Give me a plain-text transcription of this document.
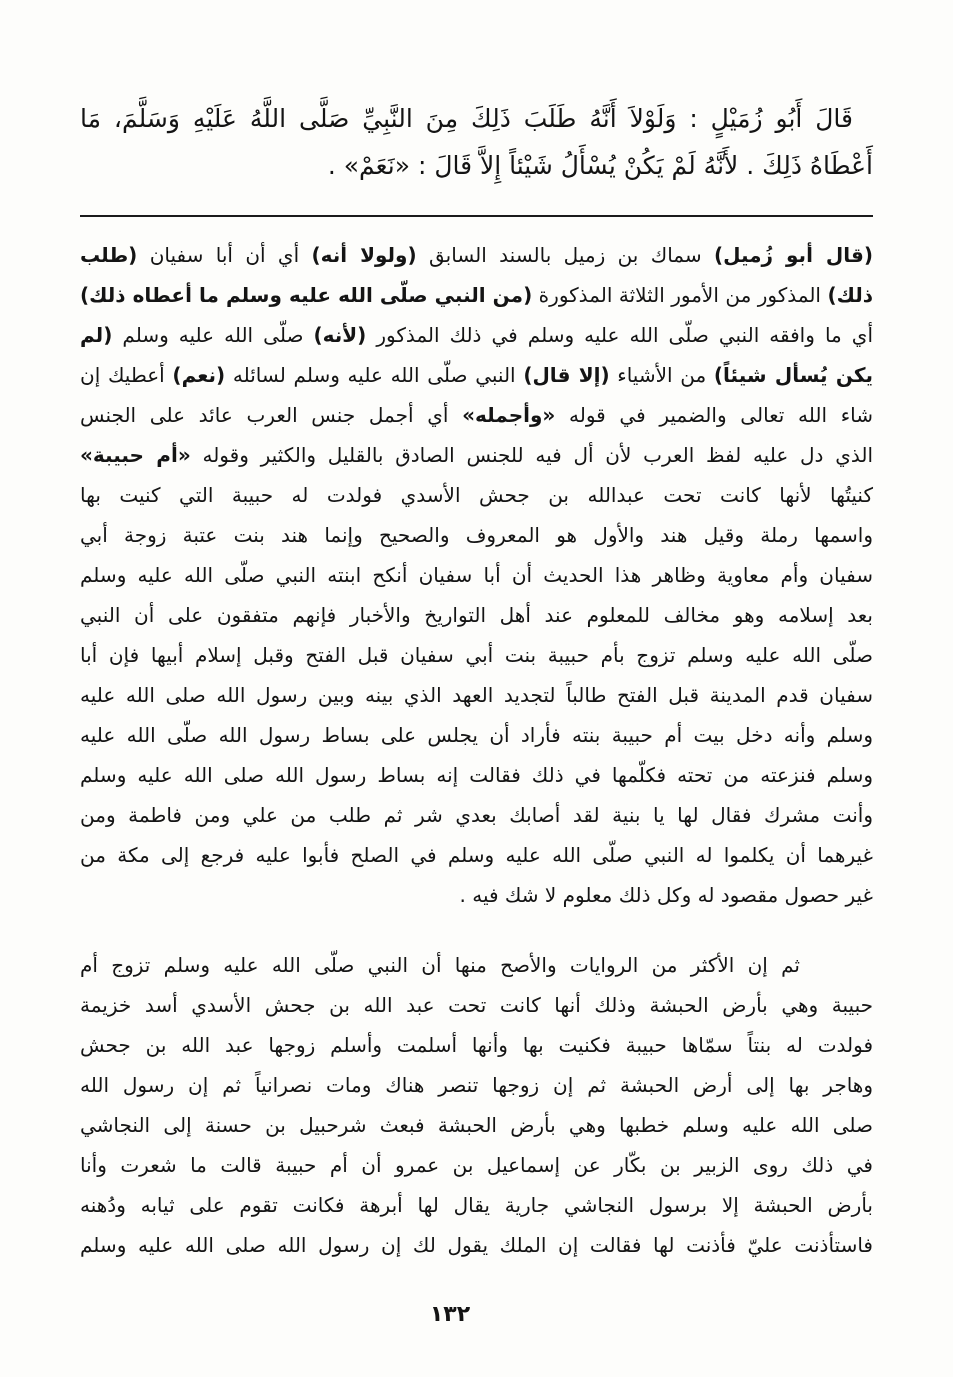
قَالَ أَبُو زُمَيْلٍ : وَلَوْلاَ أَنَّهُ طَلَبَ ذَلِكَ مِنَ النَّبِيِّ صَلَّى اللَّهُ عَلَيْهِ وَسَلَّمَ، مَا
أَعْطَاهُ ذَلِكَ . لأَنَّهُ لَمْ يَكُنْ يُسْأَلُ شَيْئاً إِلاَّ قَالَ : «نَعَمْ» .
(قال أبو زُميل) سماك بن زميل بالسند السابق (ولولا أنه) أي أن أبا سفيان (طلب
ذلك) المذكور من الأمور الثلاثة المذكورة (من النبي صلّى الله عليه وسلم ما أعطاه ذلك)
أي ما وافقه النبي صلّى الله عليه وسلم في ذلك المذكور (لأنه) صلّى الله عليه وسلم (لم
يكن يُسأل شيئاً) من الأشياء (إلا قال) النبي صلّى الله عليه وسلم لسائله (نعم) أعطيك إن
شاء الله تعالى والضمير في قوله «وأجمله» أي أجمل جنس العرب عائد على الجنس
الذي دل عليه لفظ العرب لأن أل فيه للجنس الصادق بالقليل والكثير وقوله «أم حبيبة»
كنيتُها لأنها كانت تحت عبدالله بن جحش الأسدي فولدت له حبيبة التي كنيت بها
واسمها رملة وقيل هند والأول هو المعروف والصحيح وإنما هند بنت عتبة زوجة أبي
سفيان وأم معاوية وظاهر هذا الحديث أن أبا سفيان أنكح ابنته النبي صلّى الله عليه وسلم
بعد إسلامه وهو مخالف للمعلوم عند أهل التواريخ والأخبار فإنهم متفقون على أن النبي
صلّى الله عليه وسلم تزوج بأم حبيبة بنت أبي سفيان قبل الفتح وقبل إسلام أبيها فإن أبا
سفيان قدم المدينة قبل الفتح طالباً لتجديد العهد الذي بينه وبين رسول الله صلى الله عليه
وسلم وأنه دخل بيت أم حبيبة بنته فأراد أن يجلس على بساط رسول الله صلّى الله عليه
وسلم فنزعته من تحته فكلّمها في ذلك فقالت إنه بساط رسول الله صلى الله عليه وسلم
وأنت مشرك فقال لها يا بنية لقد أصابك بعدي شر ثم طلب من علي ومن فاطمة ومن
غيرهما أن يكلموا له النبي صلّى الله عليه وسلم في الصلح فأبوا عليه فرجع إلى مكة من
غير حصول مقصود له وكل ذلك معلوم لا شك فيه .
ثم إن الأكثر من الروايات والأصح منها أن النبي صلّى الله عليه وسلم تزوج أم
حبيبة وهي بأرض الحبشة وذلك أنها كانت تحت عبد الله بن جحش الأسدي أسد خزيمة
فولدت له بنتاً سمّاها حبيبة فكنيت بها وأنها أسلمت وأسلم زوجها عبد الله بن جحش
وهاجر بها إلى أرض الحبشة ثم إن زوجها تنصر هناك ومات نصرانياً ثم إن رسول الله
صلى الله عليه وسلم خطبها وهي بأرض الحبشة فبعث شرحبيل بن حسنة إلى النجاشي
في ذلك روى الزبير بن بكّار عن إسماعيل بن عمرو أن أم حبيبة قالت ما شعرت وأنا
بأرض الحبشة إلا برسول النجاشي جارية يقال لها أبرهة فكانت تقوم على ثيابه ودُهنه
فاستأذنت عليّ فأذنت لها فقالت إن الملك يقول لك إن رسول الله صلى الله عليه وسلم
١٣٢
